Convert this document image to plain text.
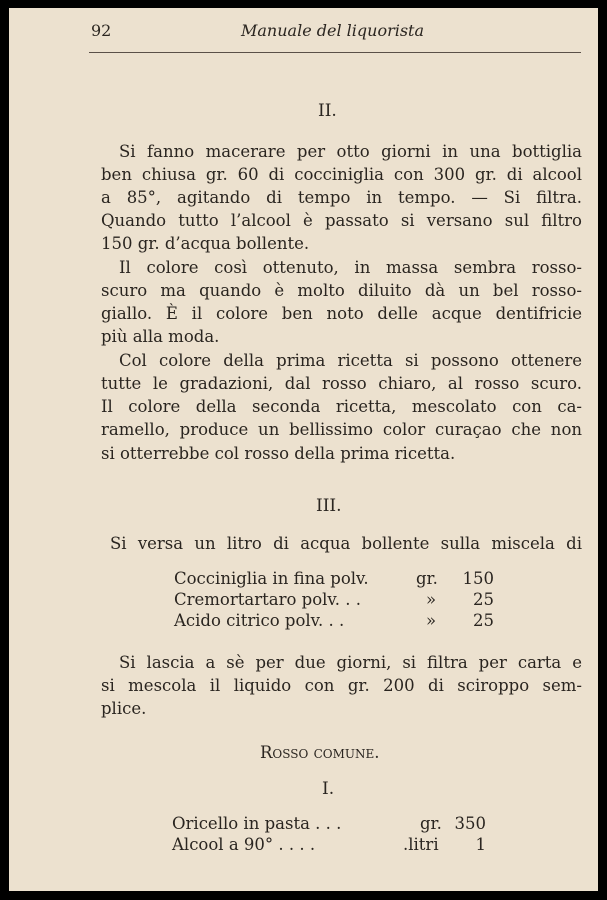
92	Manuale del liquorista
II.
Si fanno macerare per otto giorni in una bottiglia
ben chiusa gr. 60 di cocciniglia con 300 gr. di alcool
a 85°, agitando di tempo in tempo. — Si filtra.
Quando tutto l’alcool è passato si versano sul filtro
150 gr. d’acqua bollente.
Il colore così ottenuto, in massa sembra rosso-
scuro ma quando è molto diluito dà un bel rosso-
giallo. È il colore ben noto delle acque dentifricie
più alla moda.
Col colore della prima ricetta si possono ottenere
tutte le gradazioni, dal rosso chiaro, al rosso scuro.
Il colore della seconda ricetta, mescolato con ca-
ramello, produce un bellissimo color curaçao che non
si otterrebbe col rosso della prima ricetta.
III.
Si versa un litro di acqua bollente sulla miscela di
Cocciniglia in fina polv.	gr. 150
Cremortartaro polv. . .	» 25
Acido citrico polv. . .	» 25
Si lascia a sè per due giorni, si filtra per carta e
si mescola il liquido con gr. 200 di sciroppo sem-
plice.
Rosso comune.
I.
Oricello in pasta . . .	gr. 350
Alcool a 90° . . . .	.litri 1
